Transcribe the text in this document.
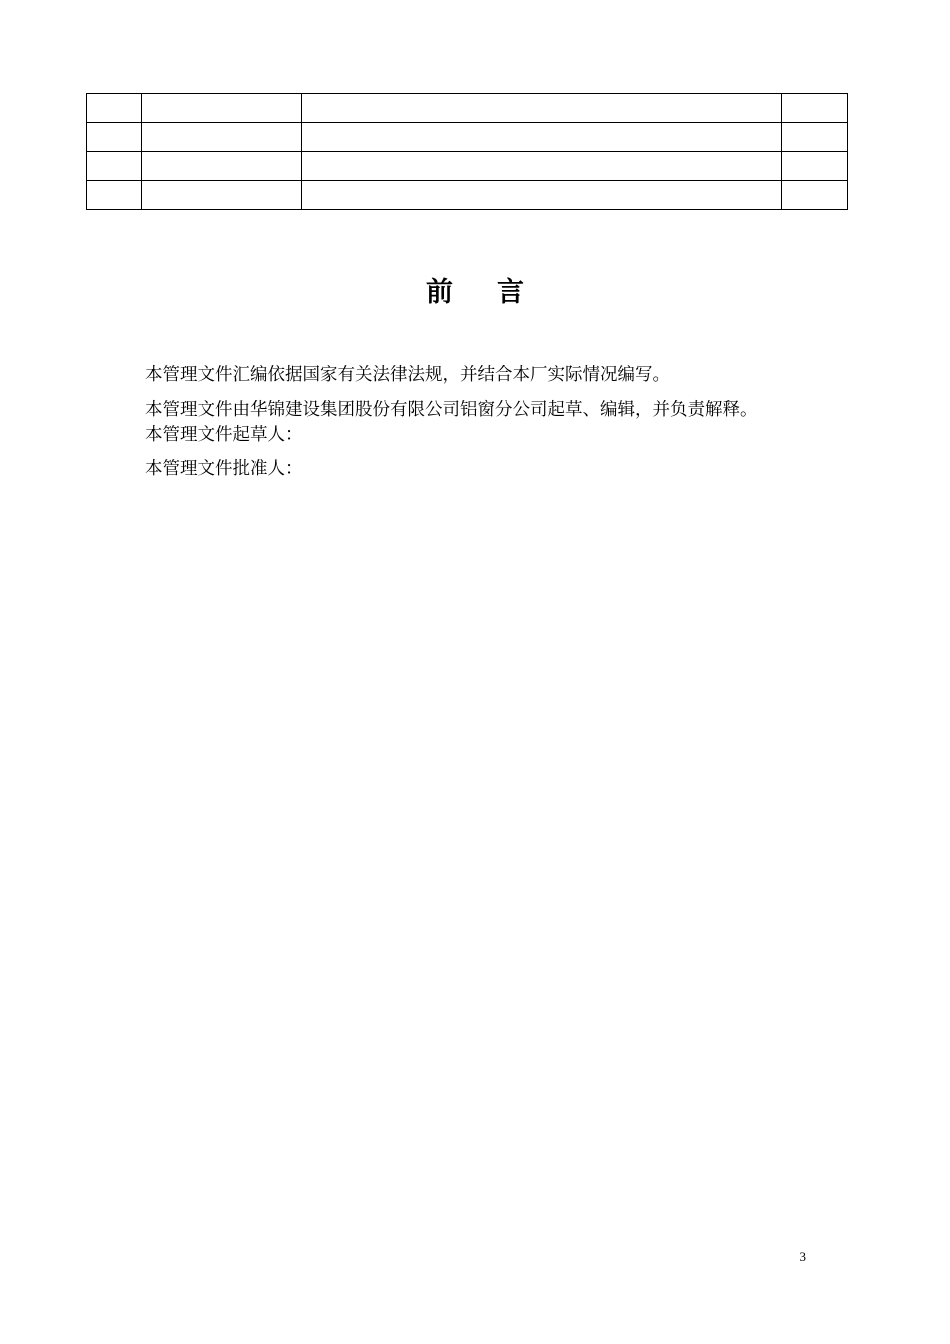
前 言
本管理文件汇编依据国家有关法律法规，并结合本厂实际情况编写。
本管理文件由华锦建设集团股份有限公司铝窗分公司起草、编辑，并负责解释。
本管理文件起草人：
本管理文件批准人：
3
